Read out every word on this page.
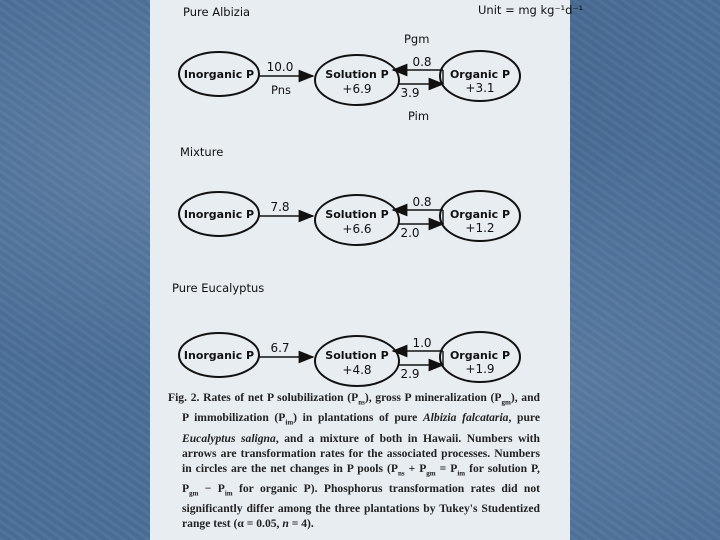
Unit = mg kg⁻¹d⁻¹
Pgm
Pns
Pim
Pure Albizia
Inorganic P	Solution P
+6.9
Organic P
+3.1
10.0	0.8
3.9
Mixture
Inorganic P	Solution P
+6.6
Organic P
+1.2
7.8	0.8
2.0
Pure Eucalyptus
Inorganic P	Solution P
+4.8
Organic P
+1.9
6.7	1.0
2.9
Fig. 2. Rates of net P solubilization $(P_{ns})$, gross P mineralization $(P_{gm})$, and P immobilization $(P_{im})$ in plantations of pure Albizia falcataria, pure Eucalyptus saligna, and a mixture of both in Hawaii. Numbers with arrows are transformation rates for the associated processes. Numbers in circles are the net changes in P pools ($P_{ns} + P_{gm} = P_{im}$ for solution P, $P_{gm} - P_{im}$ for organic P). Phosphorus transformation rates did not significantly differ among the three plantations by Tukey's Studentized range test (α = 0.05, n = 4).
